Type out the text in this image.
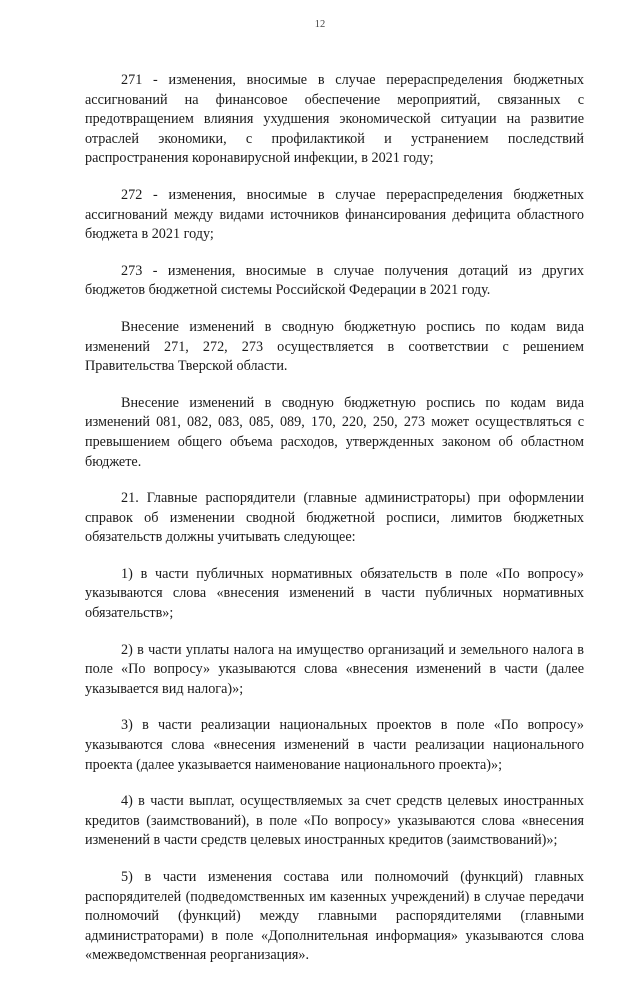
12

271 - изменения, вносимые в случае перераспределения бюджетных ассигнований на финансовое обеспечение мероприятий, связанных с предотвращением влияния ухудшения экономической ситуации на развитие отраслей экономики, с профилактикой и устранением последствий распространения коронавирусной инфекции, в 2021 году;

272 - изменения, вносимые в случае перераспределения бюджетных ассигнований между видами источников финансирования дефицита областного бюджета в 2021 году;

273 - изменения, вносимые в случае получения дотаций из других бюджетов бюджетной системы Российской Федерации в 2021 году.

Внесение изменений в сводную бюджетную роспись по кодам вида изменений 271, 272, 273 осуществляется в соответствии с решением Правительства Тверской области.

Внесение изменений в сводную бюджетную роспись по кодам вида изменений 081, 082, 083, 085, 089, 170, 220, 250, 273 может осуществляться с превышением общего объема расходов, утвержденных законом об областном бюджете.

21. Главные распорядители (главные администраторы) при оформлении справок об изменении сводной бюджетной росписи, лимитов бюджетных обязательств должны учитывать следующее:

1) в части публичных нормативных обязательств в поле «По вопросу» указываются слова «внесения изменений в части публичных нормативных обязательств»;

2) в части уплаты налога на имущество организаций и земельного налога в поле «По вопросу» указываются слова «внесения изменений в части (далее указывается вид налога)»;

3) в части реализации национальных проектов в поле «По вопросу» указываются слова «внесения изменений в части реализации национального проекта (далее указывается наименование национального проекта)»;

4) в части выплат, осуществляемых за счет средств целевых иностранных кредитов (заимствований), в поле «По вопросу» указываются слова «внесения изменений в части средств целевых иностранных кредитов (заимствований)»;

5) в части изменения состава или полномочий (функций) главных распорядителей (подведомственных им казенных учреждений) в случае передачи полномочий (функций) между главными распорядителями (главными администраторами) в поле «Дополнительная информация» указываются слова «межведомственная реорганизация».
